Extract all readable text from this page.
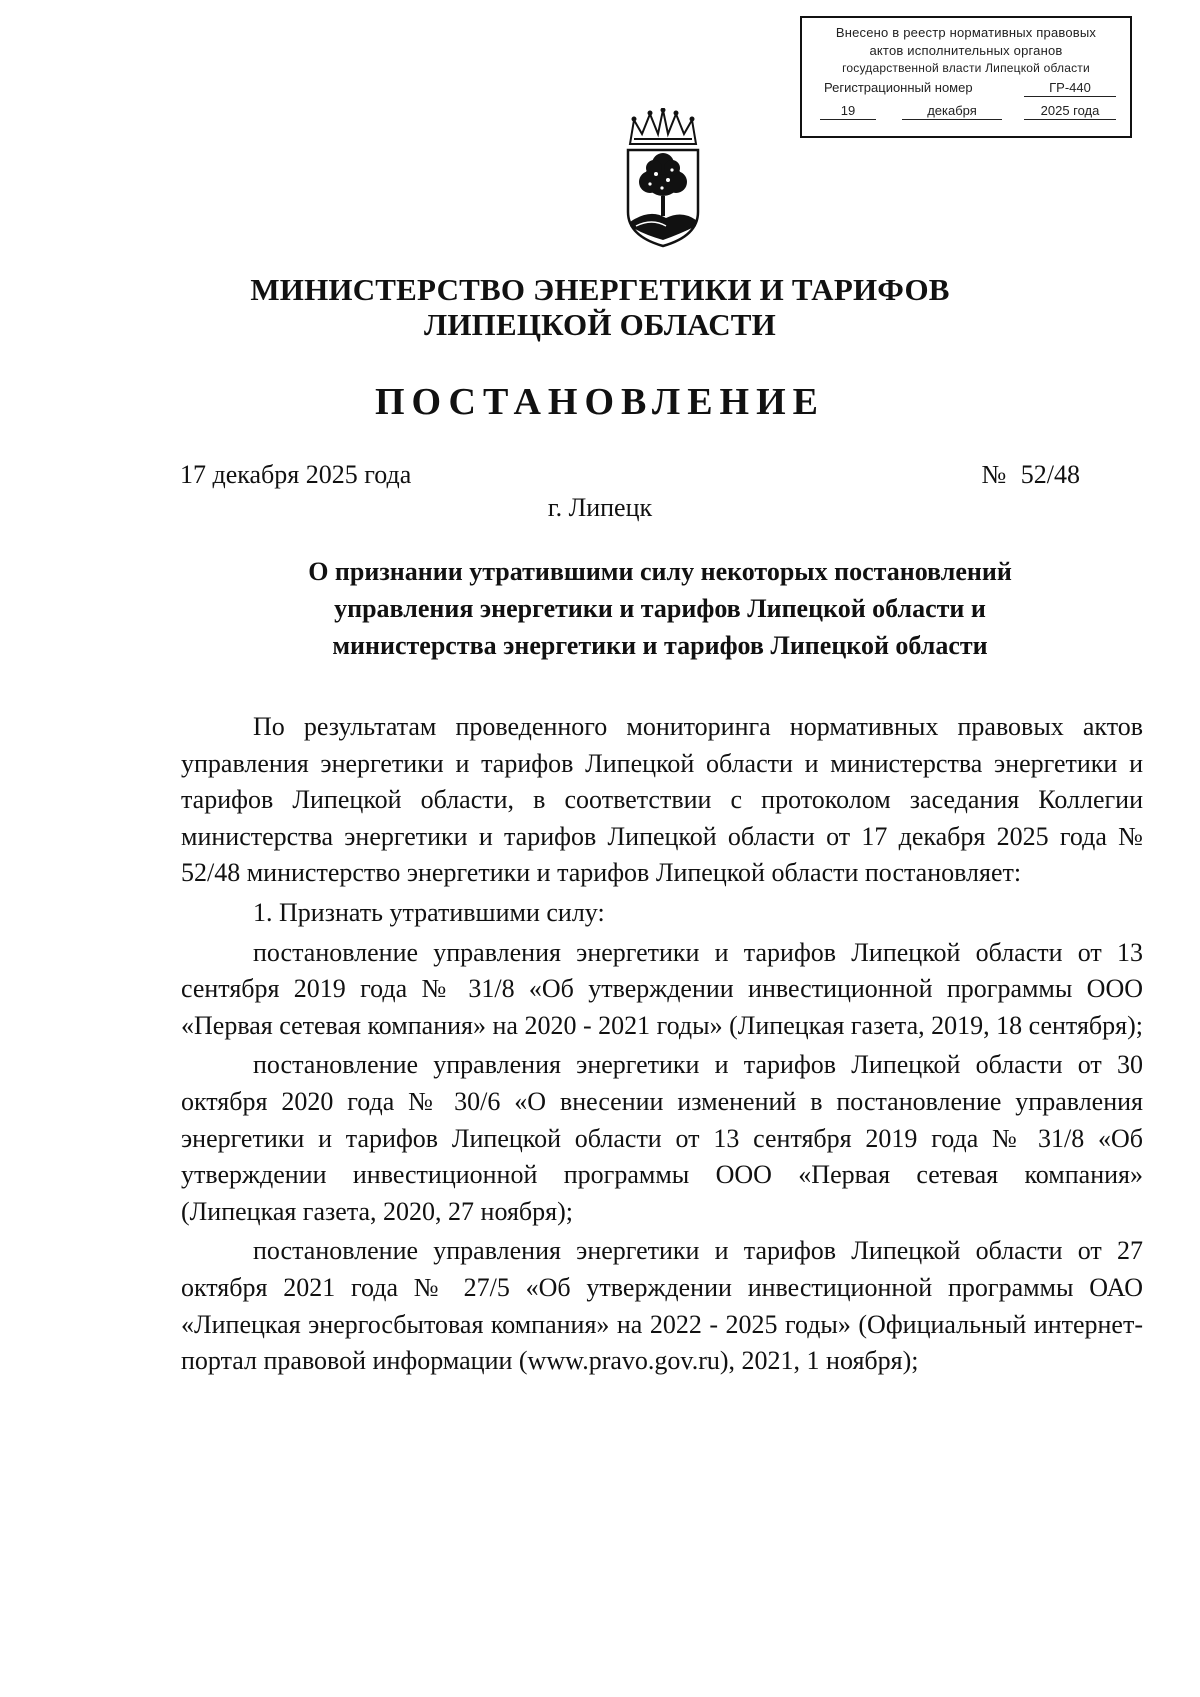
Внесено в реестр нормативных правовых
актов исполнительных органов
государственной власти Липецкой области
Регистрационный номер	ГР-440
19	декабря	2025 года
МИНИСТЕРСТВО ЭНЕРГЕТИКИ И ТАРИФОВ
ЛИПЕЦКОЙ ОБЛАСТИ
ПОСТАНОВЛЕНИЕ
17 декабря 2025 года	№ 52/48
г. Липецк
О признании утратившими силу некоторых постановлений
управления энергетики и тарифов Липецкой области и
министерства энергетики и тарифов Липецкой области

По результатам проведенного мониторинга нормативных правовых актов управления энергетики и тарифов Липецкой области и министерства энергетики и тарифов Липецкой области, в соответствии с протоколом заседания Коллегии министерства энергетики и тарифов Липецкой области от 17 декабря 2025 года № 52/48 министерство энергетики и тарифов Липецкой области постановляет:

1. Признать утратившими силу:

постановление управления энергетики и тарифов Липецкой области от 13 сентября 2019 года № 31/8 «Об утверждении инвестиционной программы ООО «Первая сетевая компания» на 2020 - 2021 годы» (Липецкая газета, 2019, 18 сентября);

постановление управления энергетики и тарифов Липецкой области от 30 октября 2020 года № 30/6 «О внесении изменений в постановление управления энергетики и тарифов Липецкой области от 13 сентября 2019 года № 31/8 «Об утверждении инвестиционной программы ООО «Первая сетевая компания» (Липецкая газета, 2020, 27 ноября);

постановление управления энергетики и тарифов Липецкой области от 27 октября 2021 года № 27/5 «Об утверждении инвестиционной программы ОАО «Липецкая энергосбытовая компания» на 2022 - 2025 годы» (Официальный интернет-портал правовой информации (www.pravo.gov.ru), 2021, 1 ноября);
